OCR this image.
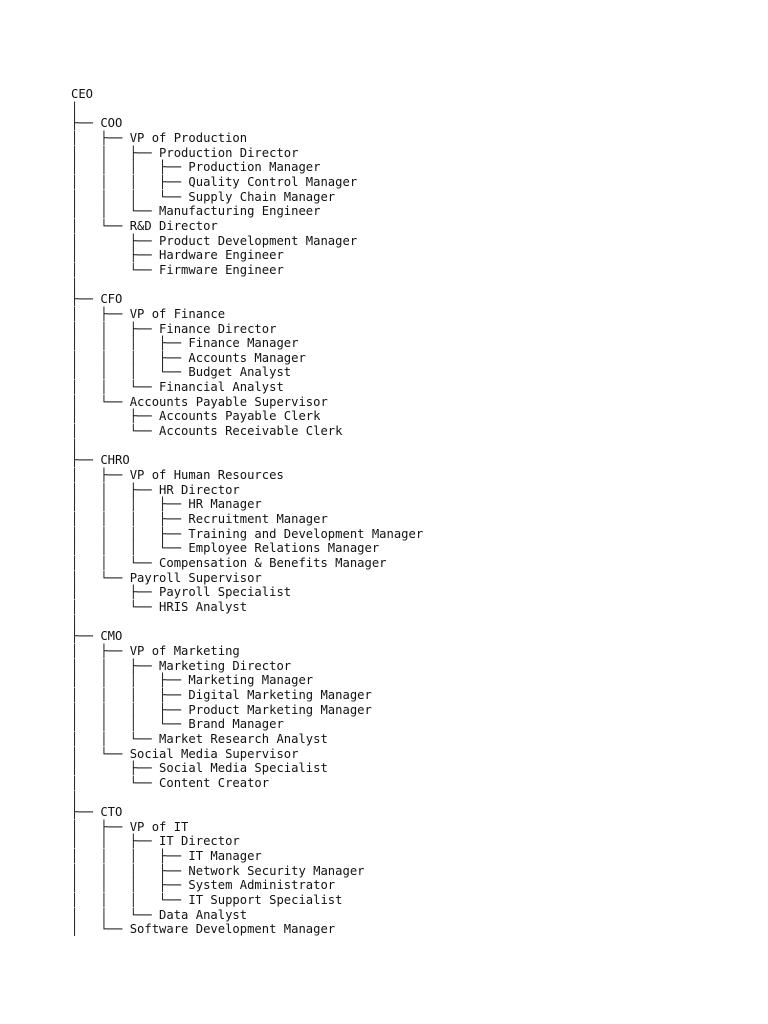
CEO
│
├── COO
│   ├── VP of Production
│   │   ├── Production Director
│   │   │   ├── Production Manager
│   │   │   ├── Quality Control Manager
│   │   │   └── Supply Chain Manager
│   │   └── Manufacturing Engineer
│   └── R&D Director
│       ├── Product Development Manager
│       ├── Hardware Engineer
│       └── Firmware Engineer
│
├── CFO
│   ├── VP of Finance
│   │   ├── Finance Director
│   │   │   ├── Finance Manager
│   │   │   ├── Accounts Manager
│   │   │   └── Budget Analyst
│   │   └── Financial Analyst
│   └── Accounts Payable Supervisor
│       ├── Accounts Payable Clerk
│       └── Accounts Receivable Clerk
│
├── CHRO
│   ├── VP of Human Resources
│   │   ├── HR Director
│   │   │   ├── HR Manager
│   │   │   ├── Recruitment Manager
│   │   │   ├── Training and Development Manager
│   │   │   └── Employee Relations Manager
│   │   └── Compensation & Benefits Manager
│   └── Payroll Supervisor
│       ├── Payroll Specialist
│       └── HRIS Analyst
│
├── CMO
│   ├── VP of Marketing
│   │   ├── Marketing Director
│   │   │   ├── Marketing Manager
│   │   │   ├── Digital Marketing Manager
│   │   │   ├── Product Marketing Manager
│   │   │   └── Brand Manager
│   │   └── Market Research Analyst
│   └── Social Media Supervisor
│       ├── Social Media Specialist
│       └── Content Creator
│
├── CTO
│   ├── VP of IT
│   │   ├── IT Director
│   │   │   ├── IT Manager
│   │   │   ├── Network Security Manager
│   │   │   ├── System Administrator
│   │   │   └── IT Support Specialist
│   │   └── Data Analyst
│   └── Software Development Manager
